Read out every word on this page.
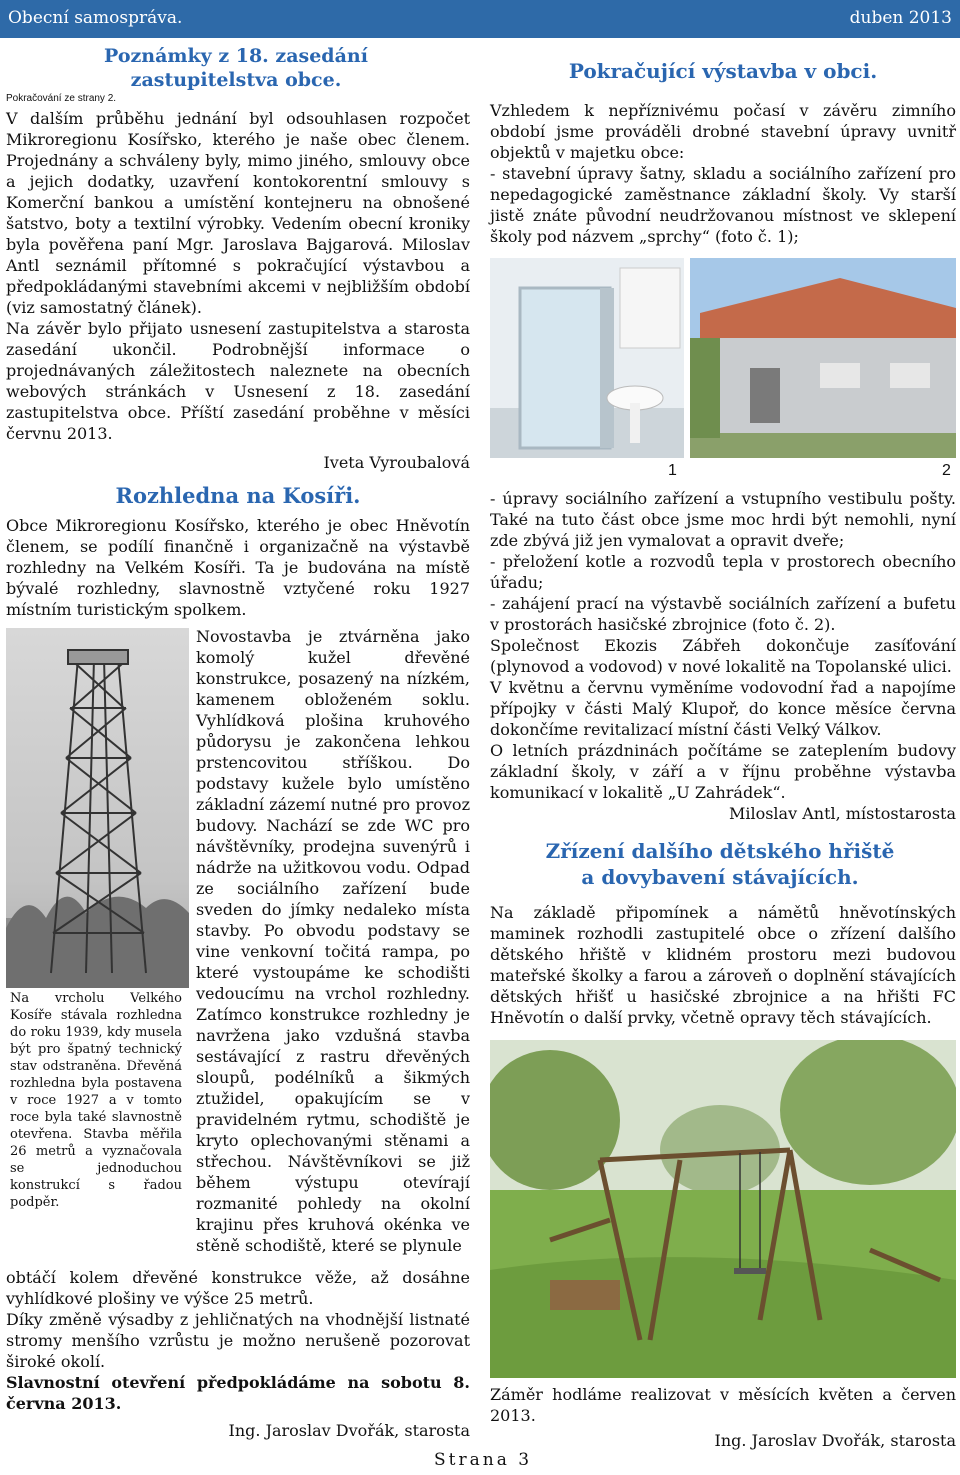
Obecní samospráva.	duben 2013
Poznámky z 18. zasedání zastupitelstva obce.
Pokračování ze strany 2.

V dalším průběhu jednání byl odsouhlasen rozpočet Mikroregionu Kosířsko, kterého je naše obec členem. Projednány a schváleny byly, mimo jiného, smlouvy obce a jejich dodatky, uzavření kontokorentní smlouvy s Komerční bankou a umístění kontejneru na obnošené šatstvo, boty a textilní výrobky. Vedením obecní kroniky byla pověřena paní Mgr. Jaroslava Bajgarová. Miloslav Antl seznámil přítomné s pokračující výstavbou a předpokládanými stavebními akcemi v nejbližším období (viz samostatný článek).

Na závěr bylo přijato usnesení zastupitelstva a starosta zasedání ukončil. Podrobnější informace o projednávaných záležitostech naleznete na obecních webových stránkách v Usnesení z 18. zasedání zastupitelstva obce. Příští zasedání proběhne v měsíci červnu 2013.

Iveta Vyroubalová
Rozhledna na Kosíři.

Obce Mikroregionu Kosířsko, kterého je obec Hněvotín členem, se podílí finančně i organizačně na výstavbě rozhledny na Velkém Kosíři. Ta je budována na místě bývalé rozhledny, slavnostně vztyčené roku 1927 místním turistickým spolkem.

Na vrcholu Velkého Kosíře stávala rozhledna do roku 1939, kdy musela být pro špatný technický stav odstraněna. Dřevěná rozhledna byla postavena v roce 1927 a v tomto roce byla také slavnostně otevřena. Stavba měřila 26 metrů a vyznačovala se jednoduchou konstrukcí s řadou podpěr.
Novostavba je ztvárněna jako komolý kužel dřevěné konstrukce, posazený na nízkém, kamenem obloženém soklu. Vyhlídková plošina kruhového půdorysu je zakončena lehkou prstencovitou stříškou. Do podstavy kužele bylo umístěno základní zázemí nutné pro provoz budovy. Nachází se zde WC pro návštěvníky, prodejna suvenýrů i nádrže na užitkovou vodu. Odpad ze sociálního zařízení bude sveden do jímky nedaleko místa stavby. Po obvodu podstavy se vine venkovní točitá rampa, po které vystoupáme ke schodišti vedoucímu na vrchol rozhledny. Zatímco konstrukce rozhledny je navržena jako vzdušná stavba sestávající z rastru dřevěných sloupů, podélníků a šikmých ztužidel, opakujícím se v pravidelném rytmu, schodiště je kryto oplechovanými stěnami a střechou. Návštěvníkovi se již během výstupu otevírají rozmanité pohledy na okolní krajinu přes kruhová okénka ve stěně schodiště, které se plynule

obtáčí kolem dřevěné konstrukce věže, až dosáhne vyhlídkové plošiny ve výšce 25 metrů.

Díky změně výsadby z jehličnatých na vhodnější listnaté stromy menšího vzrůstu je možno nerušeně pozorovat široké okolí.

Slavnostní otevření předpokládáme na sobotu 8. června 2013.

Ing. Jaroslav Dvořák, starosta
Pokračující výstavba v obci.

Vzhledem k nepříznivému počasí v závěru zimního období jsme prováděli drobné stavební úpravy uvnitř objektů v majetku obce:

- stavební úpravy šatny, skladu a sociálního zařízení pro nepedagogické zaměstnance základní školy. Vy starší jistě znáte původní neudržovanou místnost ve sklepení školy pod názvem „sprchy“ (foto č. 1);

1	2

- úpravy sociálního zařízení a vstupního vestibulu pošty. Také na tuto část obce jsme moc hrdi být nemohli, nyní zde zbývá již jen vymalovat a opravit dveře;

- přeložení kotle a rozvodů tepla v prostorech obecního úřadu;

- zahájení prací na výstavbě sociálních zařízení a bufetu v prostorách hasičské zbrojnice (foto č. 2).

Společnost Ekozis Zábřeh dokončuje zasíťování (plynovod a vodovod) v nové lokalitě na Topolanské ulici.

V květnu a červnu vyměníme vodovodní řad a napojíme přípojky v části Malý Klupoř, do konce měsíce června dokončíme revitalizací místní části Velký Válkov.

O letních prázdninách počítáme se zateplením budovy základní školy, v září a v říjnu proběhne výstavba komunikací v lokalitě „U Zahrádek“.

Miloslav Antl, místostarosta
Zřízení dalšího dětského hřiště a dovybavení stávajících.

Na základě připomínek a námětů hněvotínských maminek rozhodli zastupitelé obce o zřízení dalšího dětského hřiště v klidném prostoru mezi budovou mateřské školky a farou a zároveň o doplnění stávajících dětských hřišť u hasičské zbrojnice a na hřišti FC Hněvotín o další prvky, včetně opravy těch stávajících.

Záměr hodláme realizovat v měsících květen a červen 2013.

Ing. Jaroslav Dvořák, starosta
Strana 3
